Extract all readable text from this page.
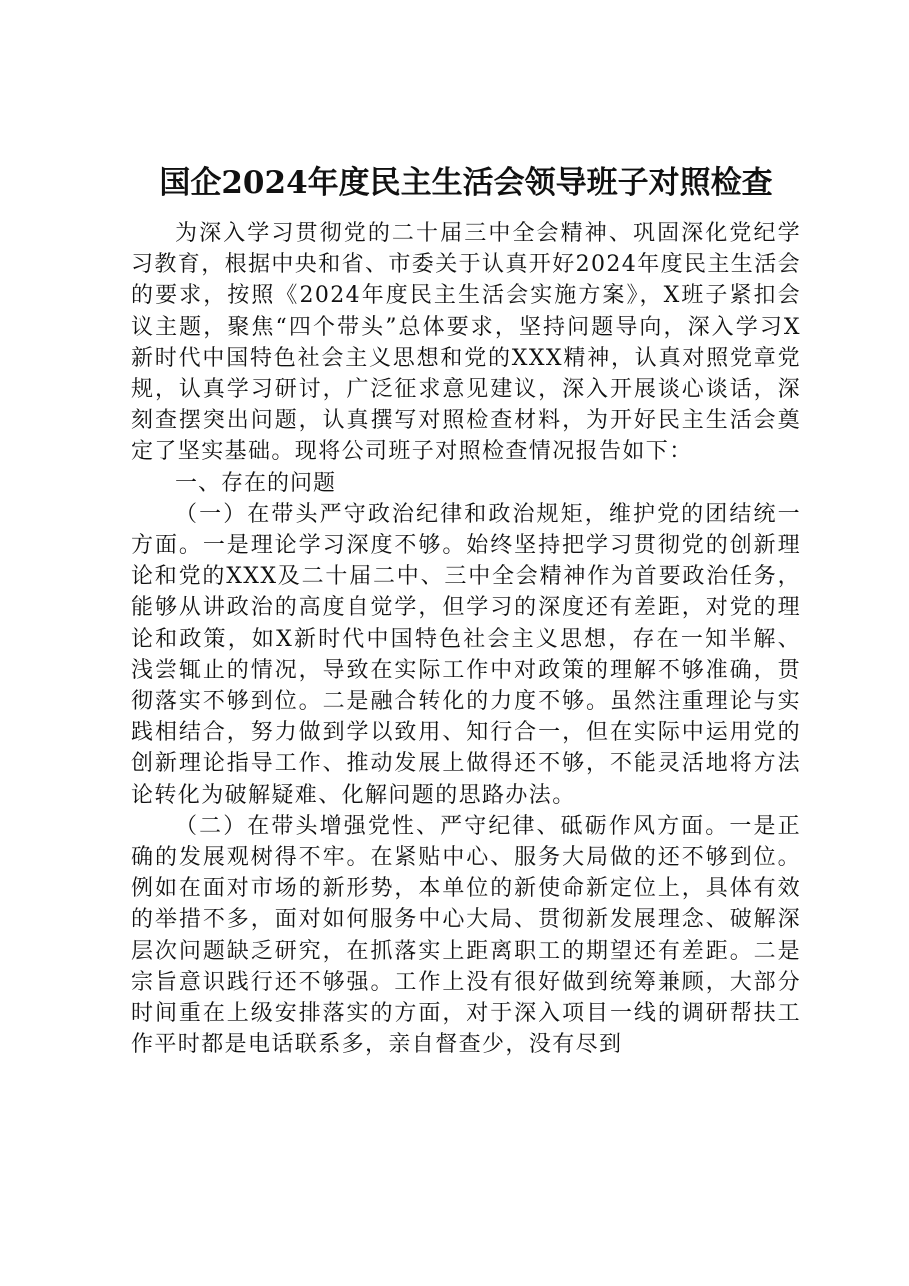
国企2024年度民主生活会领导班子对照检查

为深入学习贯彻党的二十届三中全会精神、巩固深化党纪学习教育，根据中央和省、市委关于认真开好2024年度民主生活会的要求，按照《2024年度民主生活会实施方案》，X班子紧扣会议主题，聚焦“四个带头”总体要求，坚持问题导向，深入学习X新时代中国特色社会主义思想和党的XXX精神，认真对照党章党规，认真学习研讨，广泛征求意见建议，深入开展谈心谈话，深刻查摆突出问题，认真撰写对照检查材料，为开好民主生活会奠定了坚实基础。现将公司班子对照检查情况报告如下：

一、存在的问题

（一）在带头严守政治纪律和政治规矩，维护党的团结统一方面。一是理论学习深度不够。始终坚持把学习贯彻党的创新理论和党的XXX及二十届二中、三中全会精神作为首要政治任务，能够从讲政治的高度自觉学，但学习的深度还有差距，对党的理论和政策，如X新时代中国特色社会主义思想，存在一知半解、浅尝辄止的情况，导致在实际工作中对政策的理解不够准确，贯彻落实不够到位。二是融合转化的力度不够。虽然注重理论与实践相结合，努力做到学以致用、知行合一，但在实际中运用党的创新理论指导工作、推动发展上做得还不够，不能灵活地将方法论转化为破解疑难、化解问题的思路办法。

（二）在带头增强党性、严守纪律、砥砺作风方面。一是正确的发展观树得不牢。在紧贴中心、服务大局做的还不够到位。例如在面对市场的新形势，本单位的新使命新定位上，具体有效的举措不多，面对如何服务中心大局、贯彻新发展理念、破解深层次问题缺乏研究，在抓落实上距离职工的期望还有差距。二是宗旨意识践行还不够强。工作上没有很好做到统筹兼顾，大部分时间重在上级安排落实的方面，对于深入项目一线的调研帮扶工作平时都是电话联系多，亲自督查少，没有尽到
